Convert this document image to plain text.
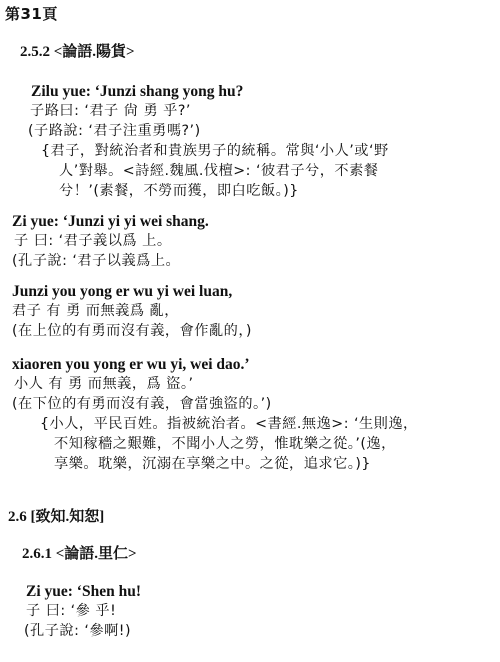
第31頁
2.5.2 <論語.陽貨>
Zilu yue: ‘Junzi shang yong hu?
子路曰: ‘君子 尙 勇 乎?’
(子路說: ‘君子注重勇嗎?’)
{君子，對統治者和貴族男子的統稱。常與‘小人’或‘野
人’對舉。<詩經.魏風.伐檀>: ‘彼君子兮，不素餐
兮！’(素餐，不勞而獲，即白吃飯。)}
Zi yue: ‘Junzi yi yi wei shang.
子 曰: ‘君子義以爲 上。
(孔子說: ‘君子以義爲上。
Junzi you yong er wu yi wei luan,
君子 有 勇 而無義爲 亂，
(在上位的有勇而沒有義，會作亂的，)
xiaoren you yong er wu yi, wei dao.’
小人 有 勇 而無義，爲 盜。’
(在下位的有勇而沒有義，會當強盜的。’)
{小人，平民百姓。指被統治者。<書經.無逸>: ‘生則逸，
不知稼穡之艱難，不聞小人之勞，惟耽樂之從。’(逸，
享樂。耽樂，沉溺在享樂之中。之從，追求它。)}
2.6 [致知.知恕]
2.6.1 <論語.里仁>
Zi yue: ‘Shen hu!
子 曰: ‘參 乎!
(孔子說: ‘參啊!)
